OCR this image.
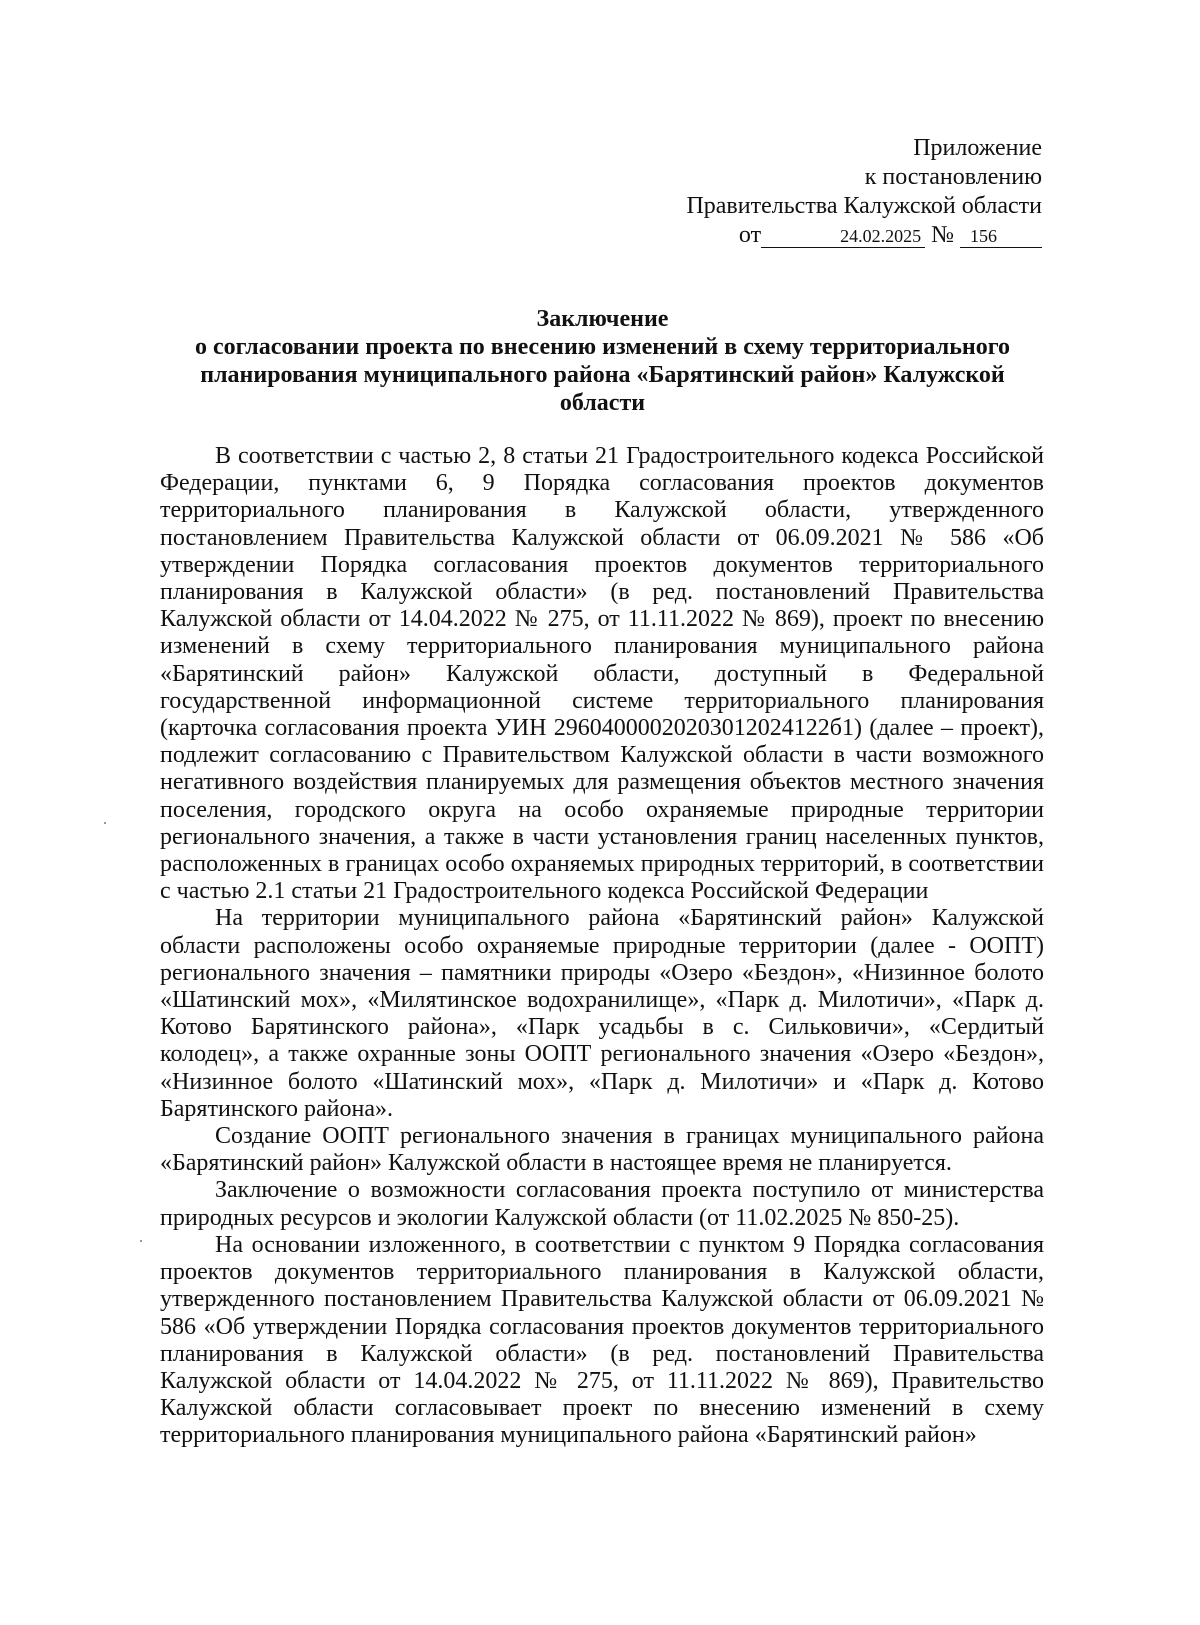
Приложение
к постановлению
Правительства Калужской области
от	24.02.2025 № 156
Заключение
о согласовании проекта по внесению изменений в схему территориального
планирования муниципального района «Барятинский район» Калужской
области

В соответствии с частью 2, 8 статьи 21 Градостроительного кодекса Российской Федерации, пунктами 6, 9 Порядка согласования проектов документов территориального планирования в Калужской области, утвержденного постановлением Правительства Калужской области от 06.09.2021 № 586 «Об утверждении Порядка согласования проектов документов территориального планирования в Калужской области» (в ред. постановлений Правительства Калужской области от 14.04.2022 № 275, от 11.11.2022 № 869), проект по внесению изменений в схему территориального планирования муниципального района «Барятинский район» Калужской области, доступный в Федеральной государственной информационной системе территориального планирования (карточка согласования проекта УИН 29604000020203012024122б1) (далее – проект), подлежит согласованию с Правительством Калужской области в части возможного негативного воздействия планируемых для размещения объектов местного значения поселения, городского округа на особо охраняемые природные территории регионального значения, а также в части установления границ населенных пунктов, расположенных в границах особо охраняемых природных территорий, в соответствии с частью 2.1 статьи 21 Градостроительного кодекса Российской Федерации

На территории муниципального района «Барятинский район» Калужской области расположены особо охраняемые природные территории (далее - ООПТ) регионального значения – памятники природы «Озеро «Бездон», «Низинное болото «Шатинский мох», «Милятинское водохранилище», «Парк д. Милотичи», «Парк д. Котово Барятинского района», «Парк усадьбы в с. Сильковичи», «Сердитый колодец», а также охранные зоны ООПТ регионального значения «Озеро «Бездон», «Низинное болото «Шатинский мох», «Парк д. Милотичи» и «Парк д. Котово Барятинского района».

Создание ООПТ регионального значения в границах муниципального района «Барятинский район» Калужской области в настоящее время не планируется.

Заключение о возможности согласования проекта поступило от министерства природных ресурсов и экологии Калужской области (от 11.02.2025 № 850-25).

На основании изложенного, в соответствии с пунктом 9 Порядка согласования проектов документов территориального планирования в Калужской области, утвержденного постановлением Правительства Калужской области от 06.09.2021 № 586 «Об утверждении Порядка согласования проектов документов территориального планирования в Калужской области» (в ред. постановлений Правительства Калужской области от 14.04.2022 № 275, от 11.11.2022 № 869), Правительство Калужской области согласовывает проект по внесению изменений в схему территориального планирования муниципального района «Барятинский район»
